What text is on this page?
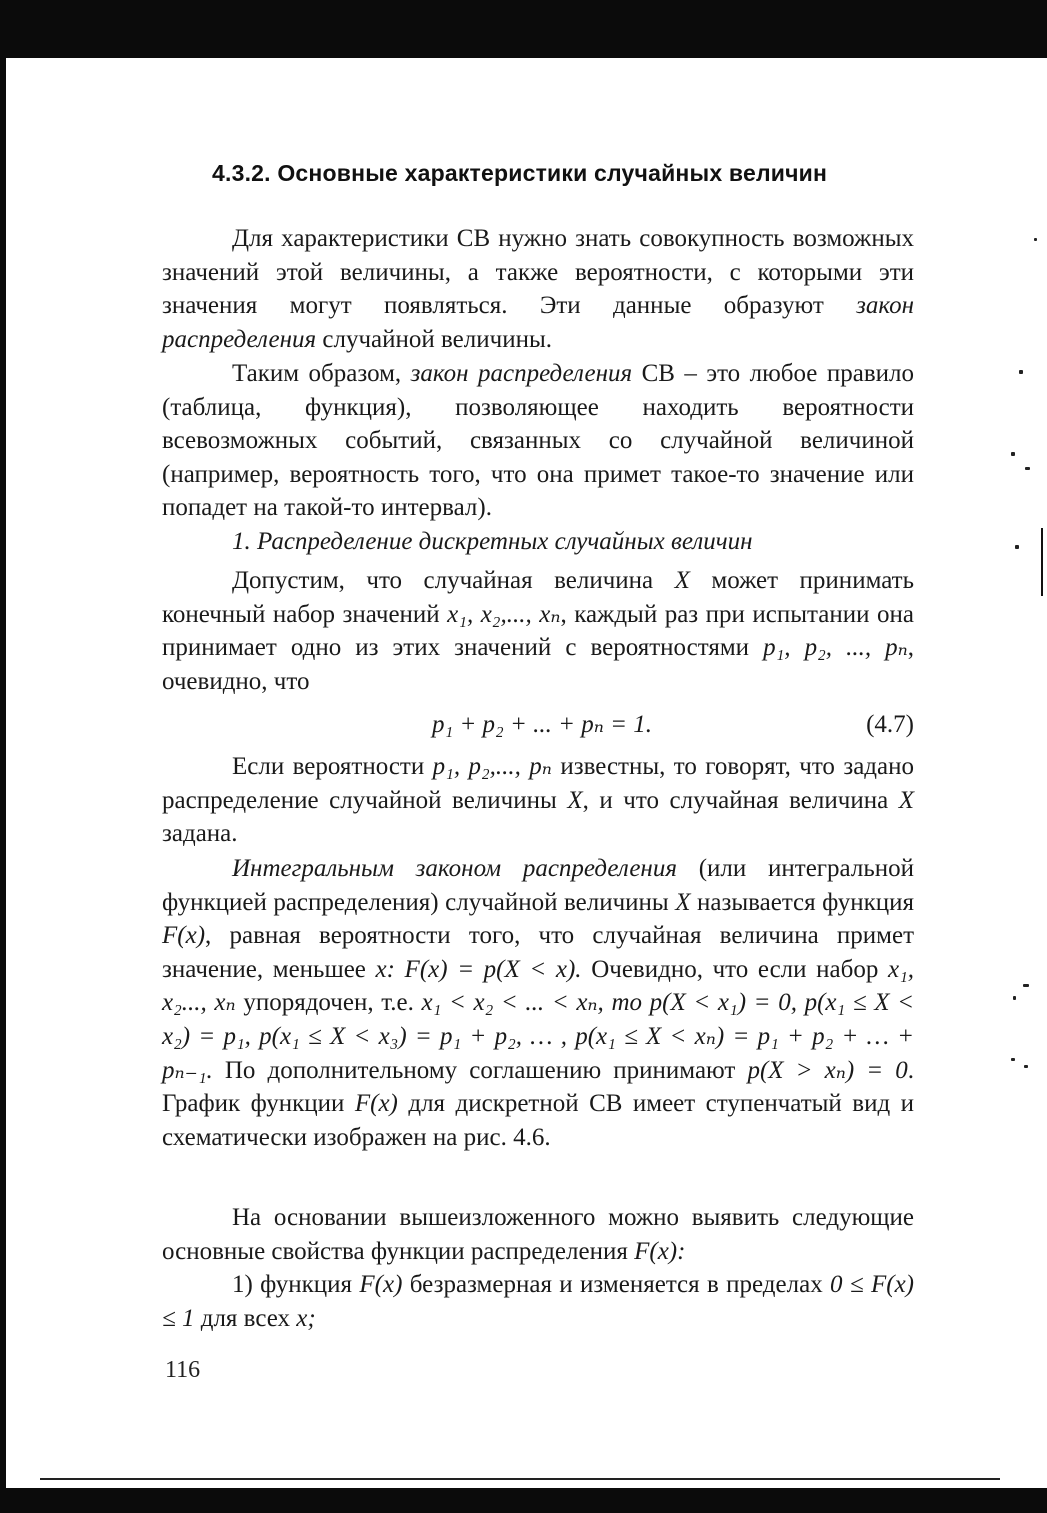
4.3.2. Основные характеристики случайных величин

Для характеристики СВ нужно знать совокупность возможных значений этой величины, а также вероятности, с которыми эти значения могут появляться. Эти данные образуют закон распределения случайной величины.

Таким образом, закон распределения СВ – это любое правило (таблица, функция), позволяющее находить вероятности всевозможных событий, связанных со случайной величиной (например, вероятность того, что она примет такое-то значение или попадет на такой-то интервал).

1. Распределение дискретных случайных величин

Допустим, что случайная величина X может принимать конечный набор значений x₁, x₂,..., xₙ, каждый раз при испытании она принимает одно из этих значений с вероятностями p₁, p₂, ..., pₙ, очевидно, что

p₁ + p₂ + ... + pₙ = 1.	(4.7)

Если вероятности p₁, p₂,..., pₙ известны, то говорят, что задано распределение случайной величины X, и что случайная величина X задана.

Интегральным законом распределения (или интегральной функцией распределения) случайной величины X называется функция F(x), равная вероятности того, что случайная величина примет значение, меньшее x: F(x) = p(X < x). Очевидно, что если набор x₁, x₂..., xₙ упорядочен, т.е. x₁ < x₂ < ... < xₙ, то p(X < x₁) = 0, p(x₁ ≤ X < x₂) = p₁, p(x₁ ≤ X < x₃) = p₁ + p₂, … , p(x₁ ≤ X < xₙ) = p₁ + p₂ + … + pₙ₋₁. По дополнительному соглашению принимают p(X > xₙ) = 0. График функции F(x) для дискретной СВ имеет ступенчатый вид и схематически изображен на рис. 4.6.

На основании вышеизложенного можно выявить следующие основные свойства функции распределения F(x):

1) функция F(x) безразмерная и изменяется в пределах 0 ≤ F(x) ≤ 1 для всех x;

116
